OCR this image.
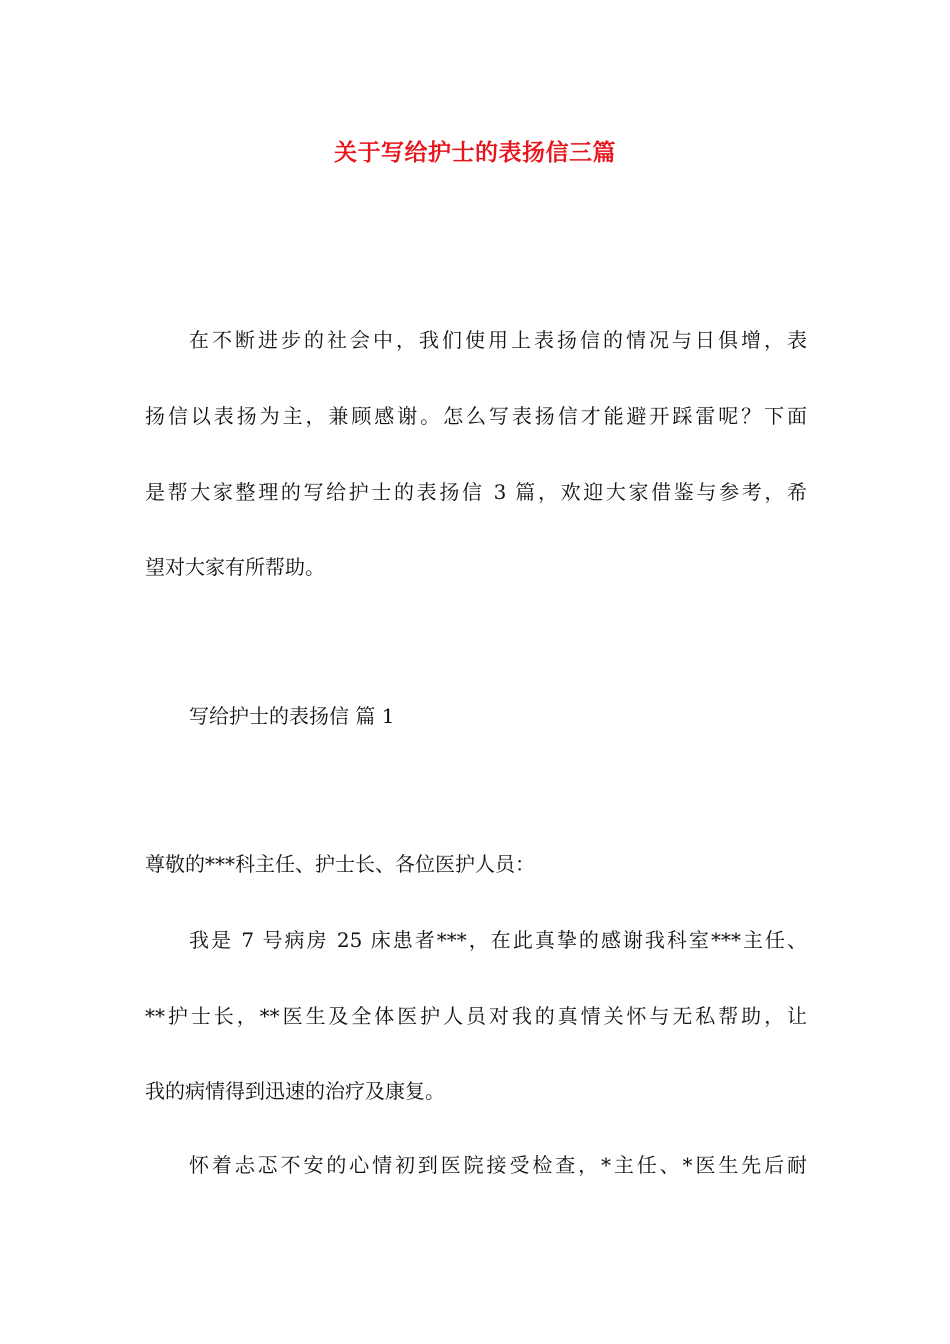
关于写给护士的表扬信三篇
在不断进步的社会中，我们使用上表扬信的情况与日俱增，表
扬信以表扬为主，兼顾感谢。怎么写表扬信才能避开踩雷呢？下面
是帮大家整理的写给护士的表扬信 3 篇，欢迎大家借鉴与参考，希
望对大家有所帮助。
写给护士的表扬信 篇 1
尊敬的***科主任、护士长、各位医护人员：
我是 7 号病房 25 床患者***，在此真挚的感谢我科室***主任、
**护士长，**医生及全体医护人员对我的真情关怀与无私帮助，让
我的病情得到迅速的治疗及康复。
怀着忐忑不安的心情初到医院接受检查，*主任、*医生先后耐
